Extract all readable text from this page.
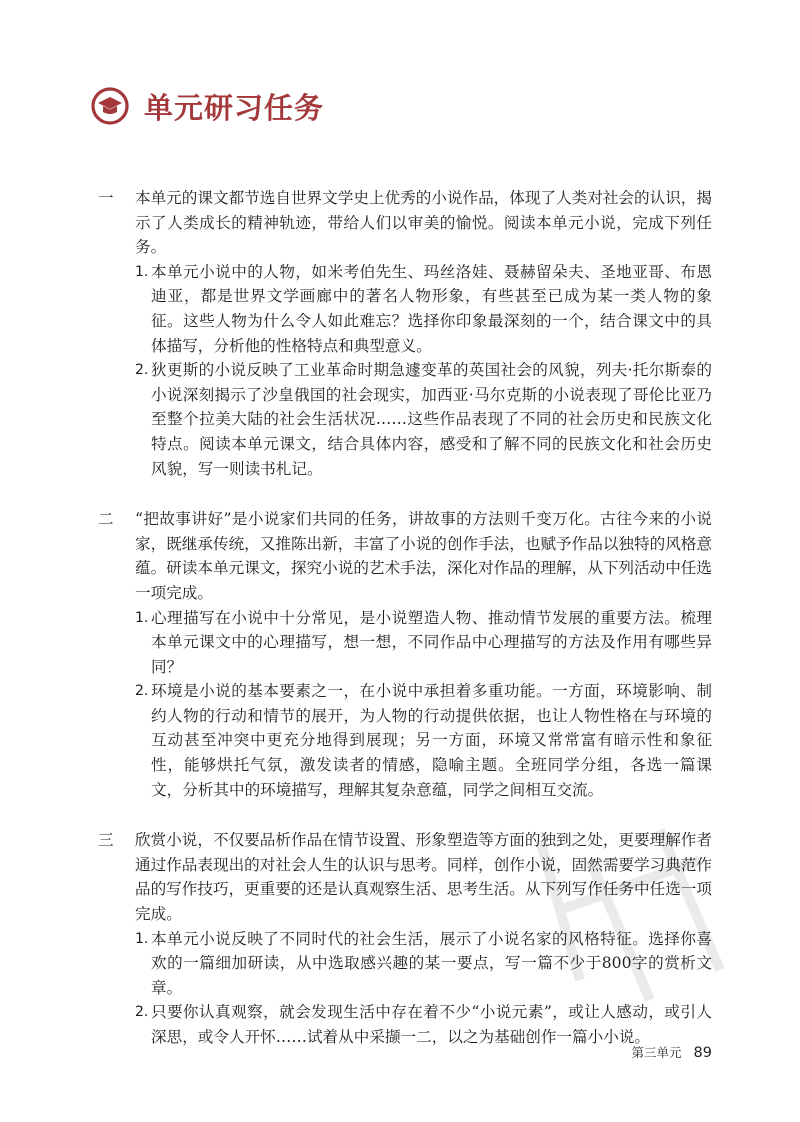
单元研习任务
一	本单元的课文都节选自世界文学史上优秀的小说作品，体现了人类对社会的认识，揭示了人类成长的精神轨迹，带给人们以审美的愉悦。阅读本单元小说，完成下列任务。
1. 本单元小说中的人物，如米考伯先生、玛丝洛娃、聂赫留朵夫、圣地亚哥、布恩迪亚，都是世界文学画廊中的著名人物形象，有些甚至已成为某一类人物的象征。这些人物为什么令人如此难忘？选择你印象最深刻的一个，结合课文中的具体描写，分析他的性格特点和典型意义。
2. 狄更斯的小说反映了工业革命时期急遽变革的英国社会的风貌，列夫·托尔斯泰的小说深刻揭示了沙皇俄国的社会现实，加西亚·马尔克斯的小说表现了哥伦比亚乃至整个拉美大陆的社会生活状况……这些作品表现了不同的社会历史和民族文化特点。阅读本单元课文，结合具体内容，感受和了解不同的民族文化和社会历史风貌，写一则读书札记。
二	“把故事讲好”是小说家们共同的任务，讲故事的方法则千变万化。古往今来的小说家，既继承传统，又推陈出新，丰富了小说的创作手法，也赋予作品以独特的风格意蕴。研读本单元课文，探究小说的艺术手法，深化对作品的理解，从下列活动中任选一项完成。
1. 心理描写在小说中十分常见，是小说塑造人物、推动情节发展的重要方法。梳理本单元课文中的心理描写，想一想，不同作品中心理描写的方法及作用有哪些异同？
2. 环境是小说的基本要素之一，在小说中承担着多重功能。一方面，环境影响、制约人物的行动和情节的展开，为人物的行动提供依据，也让人物性格在与环境的互动甚至冲突中更充分地得到展现；另一方面，环境又常常富有暗示性和象征性，能够烘托气氛，激发读者的情感，隐喻主题。全班同学分组，各选一篇课文，分析其中的环境描写，理解其复杂意蕴，同学之间相互交流。
三	欣赏小说，不仅要品析作品在情节设置、形象塑造等方面的独到之处，更要理解作者通过作品表现出的对社会人生的认识与思考。同样，创作小说，固然需要学习典范作品的写作技巧，更重要的还是认真观察生活、思考生活。从下列写作任务中任选一项完成。
1. 本单元小说反映了不同时代的社会生活，展示了小说名家的风格特征。选择你喜欢的一篇细加研读，从中选取感兴趣的某一要点，写一篇不少于800字的赏析文章。
2. 只要你认真观察，就会发现生活中存在着不少“小说元素”，或让人感动，或引人深思，或令人开怀……试着从中采撷一二，以之为基础创作一篇小小说。
第三单元 89
